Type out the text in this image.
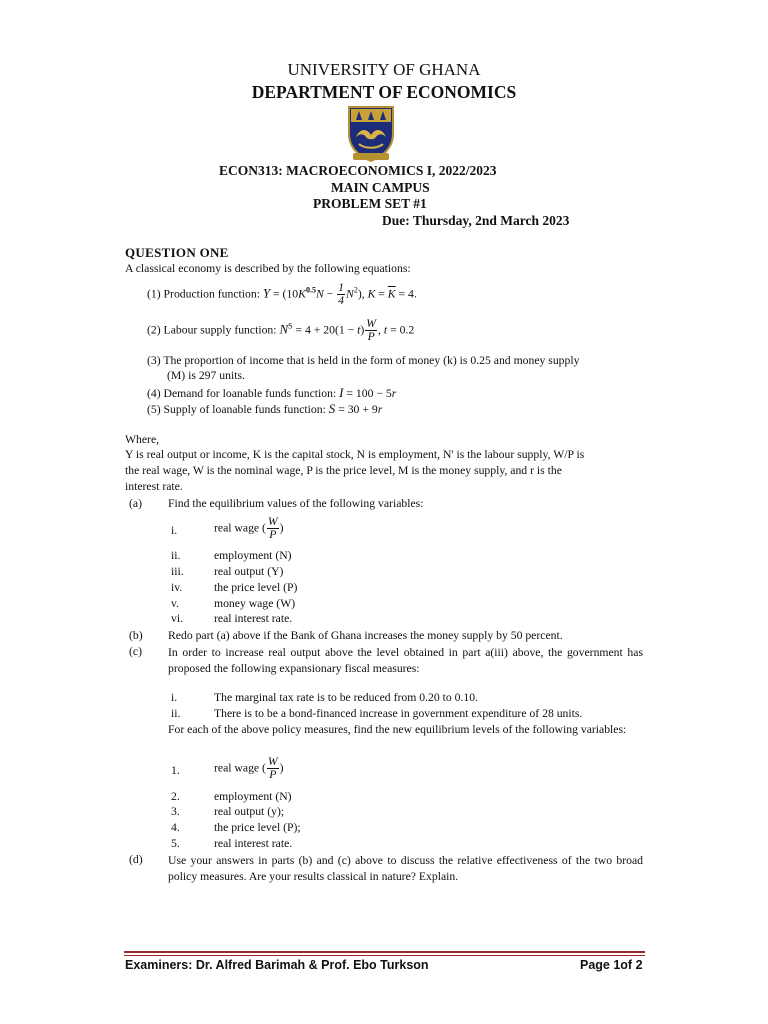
UNIVERSITY OF GHANA
DEPARTMENT OF ECONOMICS
ECON313: MACROECONOMICS I, 2022/2023
MAIN CAMPUS
PROBLEM SET #1
Due: Thursday, 2nd March 2023
QUESTION ONE
A classical economy is described by the following equations:
(1) Production function: $Y = (10K^{0.5}N - \frac{1}{4} N^2)$, $K = \overline{K} = 4$.
(2) Labour supply function: $N^S = 4 + 20(1 - t) \frac{W}{P}$ , t = 0.2
(3) The proportion of income that is held in the form of money (k) is 0.25 and money supply
(M) is 297 units.
(4) Demand for loanable funds function: I = 100 − 5r
(5) Supply of loanable funds function: S = 30 + 9r
Where,
Y is real output or income, K is the capital stock, N is employment, N' is the labour supply, W/P is
the real wage, W is the nominal wage, P is the price level, M is the money supply, and r is the
interest rate.
(a) Find the equilibrium values of the following variables:
i.	real wage ( $\frac{W}{P}$ )
ii.	employment (N)
iii.	real output (Y)
iv.	the price level (P)
v.	money wage (W)
vi.	real interest rate.
(b) Redo part (a) above if the Bank of Ghana increases the money supply by 50 percent.
(c) In order to increase real output above the level obtained in part a(iii) above, the government has proposed the following expansionary fiscal measures:
i.	The marginal tax rate is to be reduced from 0.20 to 0.10.
ii.	There is to be a bond-financed increase in government expenditure of 28 units.
For each of the above policy measures, find the new equilibrium levels of the following variables:
1.	real wage ( $\frac{W}{P}$ )
2.	employment (N)
3.	real output (y);
4.	the price level (P);
5.	real interest rate.
(d) Use your answers in parts (b) and (c) above to discuss the relative effectiveness of the two broad policy measures. Are your results classical in nature? Explain.
Examiners: Dr. Alfred Barimah & Prof. Ebo Turkson	Page 1of 2
